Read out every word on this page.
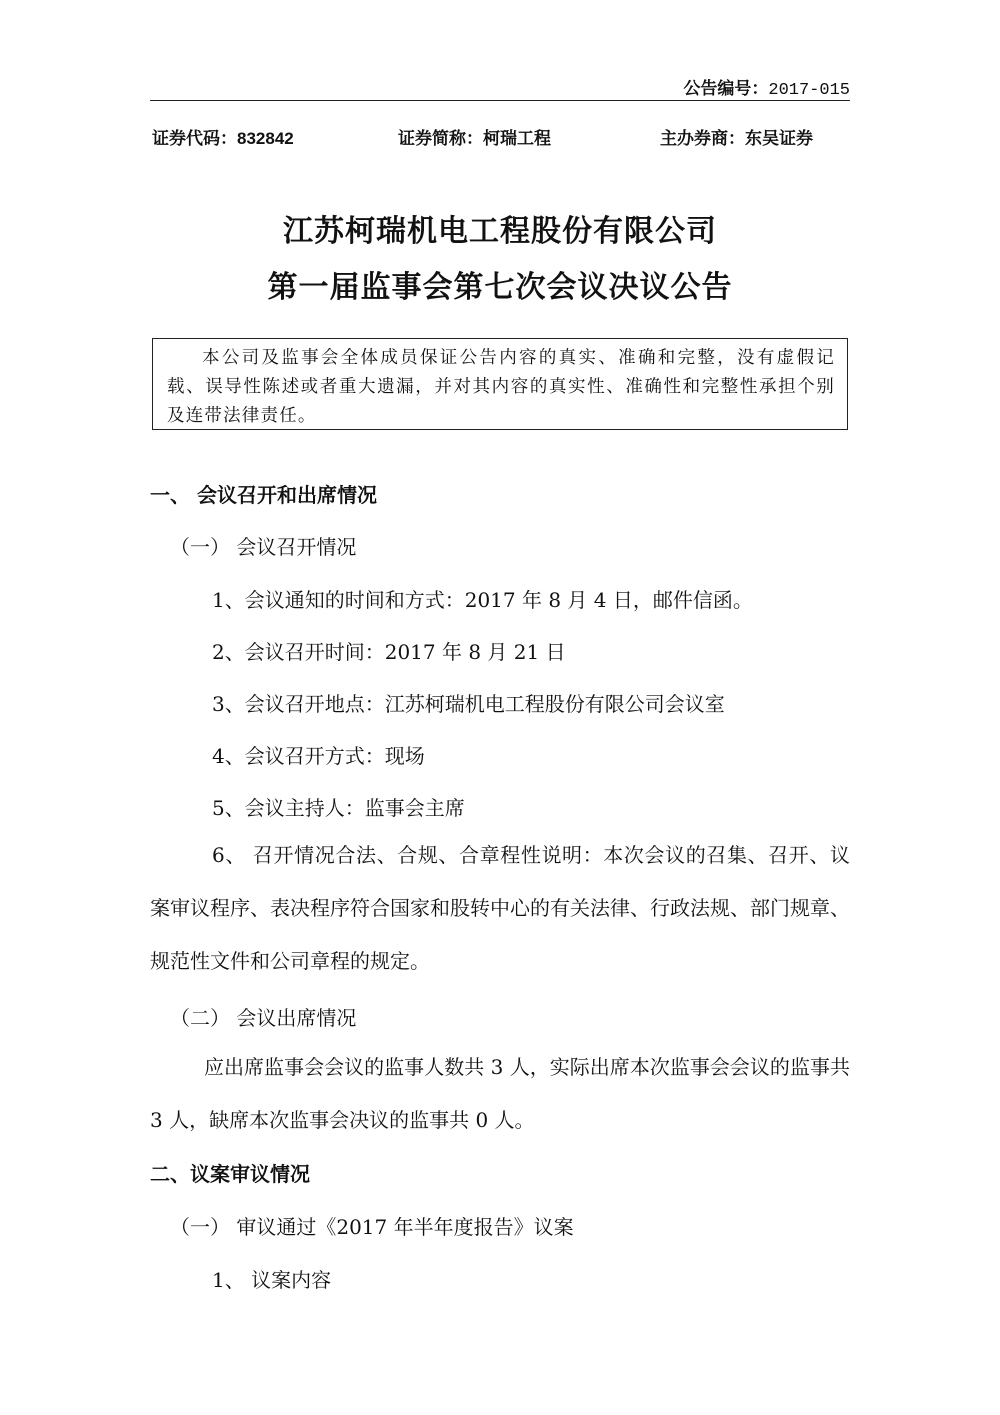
公告编号：2017-015
证券代码：832842	证券简称：柯瑞工程	主办券商：东吴证券
江苏柯瑞机电工程股份有限公司
第一届监事会第七次会议决议公告
本公司及监事会全体成员保证公告内容的真实、准确和完整，没有虚假记载、误导性陈述或者重大遗漏，并对其内容的真实性、准确性和完整性承担个别及连带法律责任。
一、 会议召开和出席情况
（一） 会议召开情况
1、会议通知的时间和方式：2017 年 8 月 4 日，邮件信函。
2、会议召开时间：2017 年 8 月 21 日
3、会议召开地点：江苏柯瑞机电工程股份有限公司会议室
4、会议召开方式：现场
5、会议主持人：监事会主席
6、 召开情况合法、合规、合章程性说明：本次会议的召集、召开、议案审议程序、表决程序符合国家和股转中心的有关法律、行政法规、部门规章、规范性文件和公司章程的规定。
（二） 会议出席情况
应出席监事会会议的监事人数共 3 人，实际出席本次监事会会议的监事共 3 人，缺席本次监事会决议的监事共 0 人。
二、议案审议情况
（一） 审议通过《2017 年半年度报告》议案
1、 议案内容
